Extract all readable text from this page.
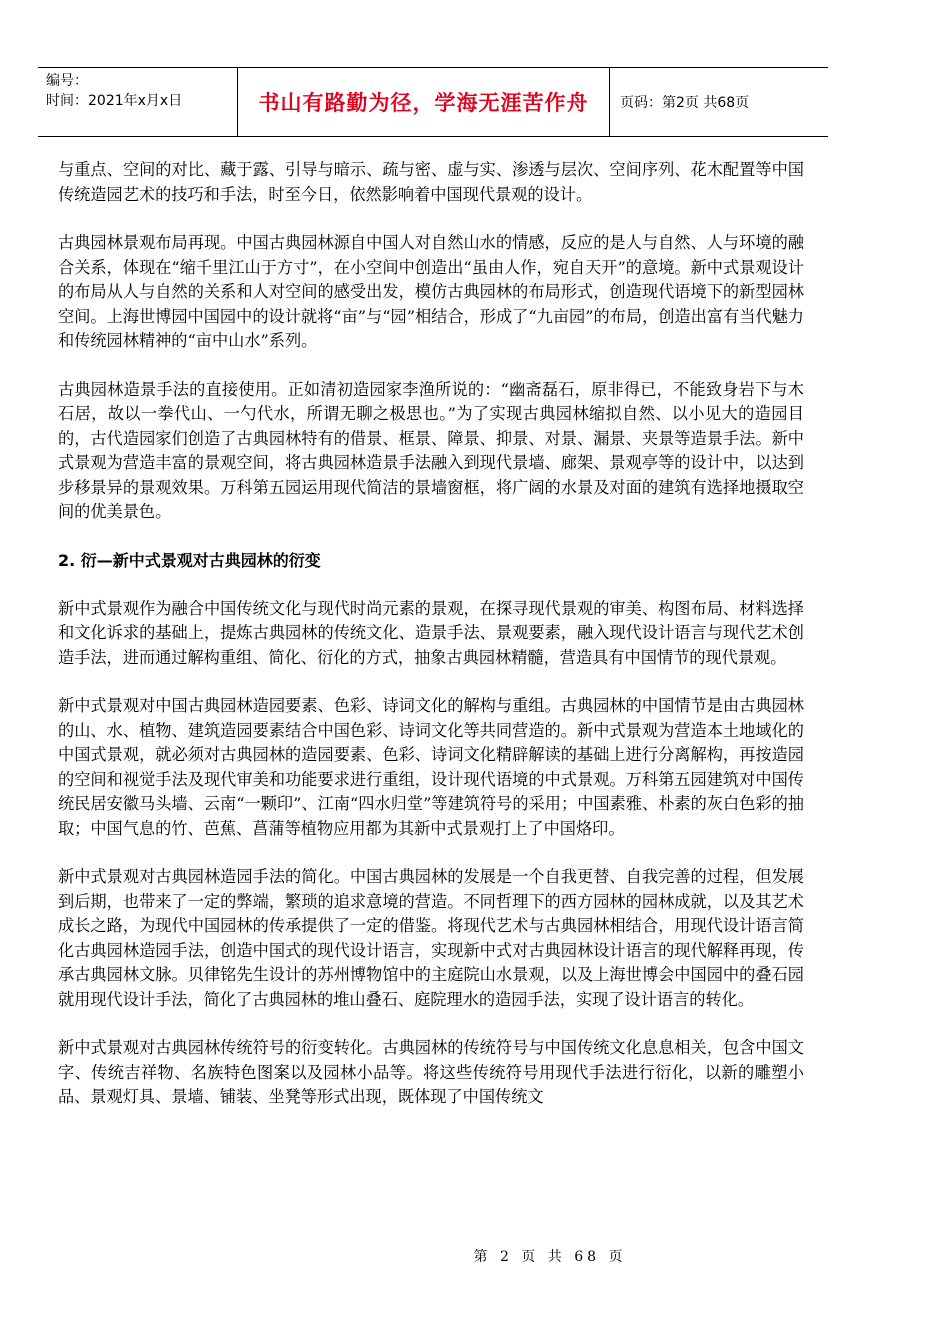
编号：
时间：2021年x月x日	书山有路勤为径，学海无涯苦作舟	页码：第2页 共68页

与重点、空间的对比、藏于露、引导与暗示、疏与密、虚与实、渗透与层次、空间序列、花木配置等中国传统造园艺术的技巧和手法，时至今日，依然影响着中国现代景观的设计。

古典园林景观布局再现。中国古典园林源自中国人对自然山水的情感，反应的是人与自然、人与环境的融合关系，体现在“缩千里江山于方寸”，在小空间中创造出“虽由人作，宛自天开”的意境。新中式景观设计的布局从人与自然的关系和人对空间的感受出发，模仿古典园林的布局形式，创造现代语境下的新型园林空间。上海世博园中国园中的设计就将“亩”与“园”相结合，形成了“九亩园”的布局，创造出富有当代魅力和传统园林精神的“亩中山水”系列。

古典园林造景手法的直接使用。正如清初造园家李渔所说的：“幽斋磊石，原非得已，不能致身岩下与木石居，故以一拳代山、一勺代水，所谓无聊之极思也。”为了实现古典园林缩拟自然、以小见大的造园目的，古代造园家们创造了古典园林特有的借景、框景、障景、抑景、对景、漏景、夹景等造景手法。新中式景观为营造丰富的景观空间，将古典园林造景手法融入到现代景墙、廊架、景观亭等的设计中，以达到步移景异的景观效果。万科第五园运用现代简洁的景墙窗框，将广阔的水景及对面的建筑有选择地摄取空间的优美景色。

2. 衍—新中式景观对古典园林的衍变

新中式景观作为融合中国传统文化与现代时尚元素的景观，在探寻现代景观的审美、构图布局、材料选择和文化诉求的基础上，提炼古典园林的传统文化、造景手法、景观要素，融入现代设计语言与现代艺术创造手法，进而通过解构重组、简化、衍化的方式，抽象古典园林精髓，营造具有中国情节的现代景观。

新中式景观对中国古典园林造园要素、色彩、诗词文化的解构与重组。古典园林的中国情节是由古典园林的山、水、植物、建筑造园要素结合中国色彩、诗词文化等共同营造的。新中式景观为营造本土地域化的中国式景观，就必须对古典园林的造园要素、色彩、诗词文化精辟解读的基础上进行分离解构，再按造园的空间和视觉手法及现代审美和功能要求进行重组，设计现代语境的中式景观。万科第五园建筑对中国传统民居安徽马头墙、云南“一颗印”、江南“四水归堂”等建筑符号的采用；中国素雅、朴素的灰白色彩的抽取；中国气息的竹、芭蕉、菖蒲等植物应用都为其新中式景观打上了中国烙印。

新中式景观对古典园林造园手法的简化。中国古典园林的发展是一个自我更替、自我完善的过程，但发展到后期，也带来了一定的弊端，繁琐的追求意境的营造。不同哲理下的西方园林的园林成就，以及其艺术成长之路，为现代中国园林的传承提供了一定的借鉴。将现代艺术与古典园林相结合，用现代设计语言简化古典园林造园手法，创造中国式的现代设计语言，实现新中式对古典园林设计语言的现代解释再现，传承古典园林文脉。贝律铭先生设计的苏州博物馆中的主庭院山水景观，以及上海世博会中国园中的叠石园就用现代设计手法，简化了古典园林的堆山叠石、庭院理水的造园手法，实现了设计语言的转化。

新中式景观对古典园林传统符号的衍变转化。古典园林的传统符号与中国传统文化息息相关，包含中国文字、传统吉祥物、名族特色图案以及园林小品等。将这些传统符号用现代手法进行衍化，以新的雕塑小品、景观灯具、景墙、铺装、坐凳等形式出现，既体现了中国传统文

第 2 页 共 68 页
